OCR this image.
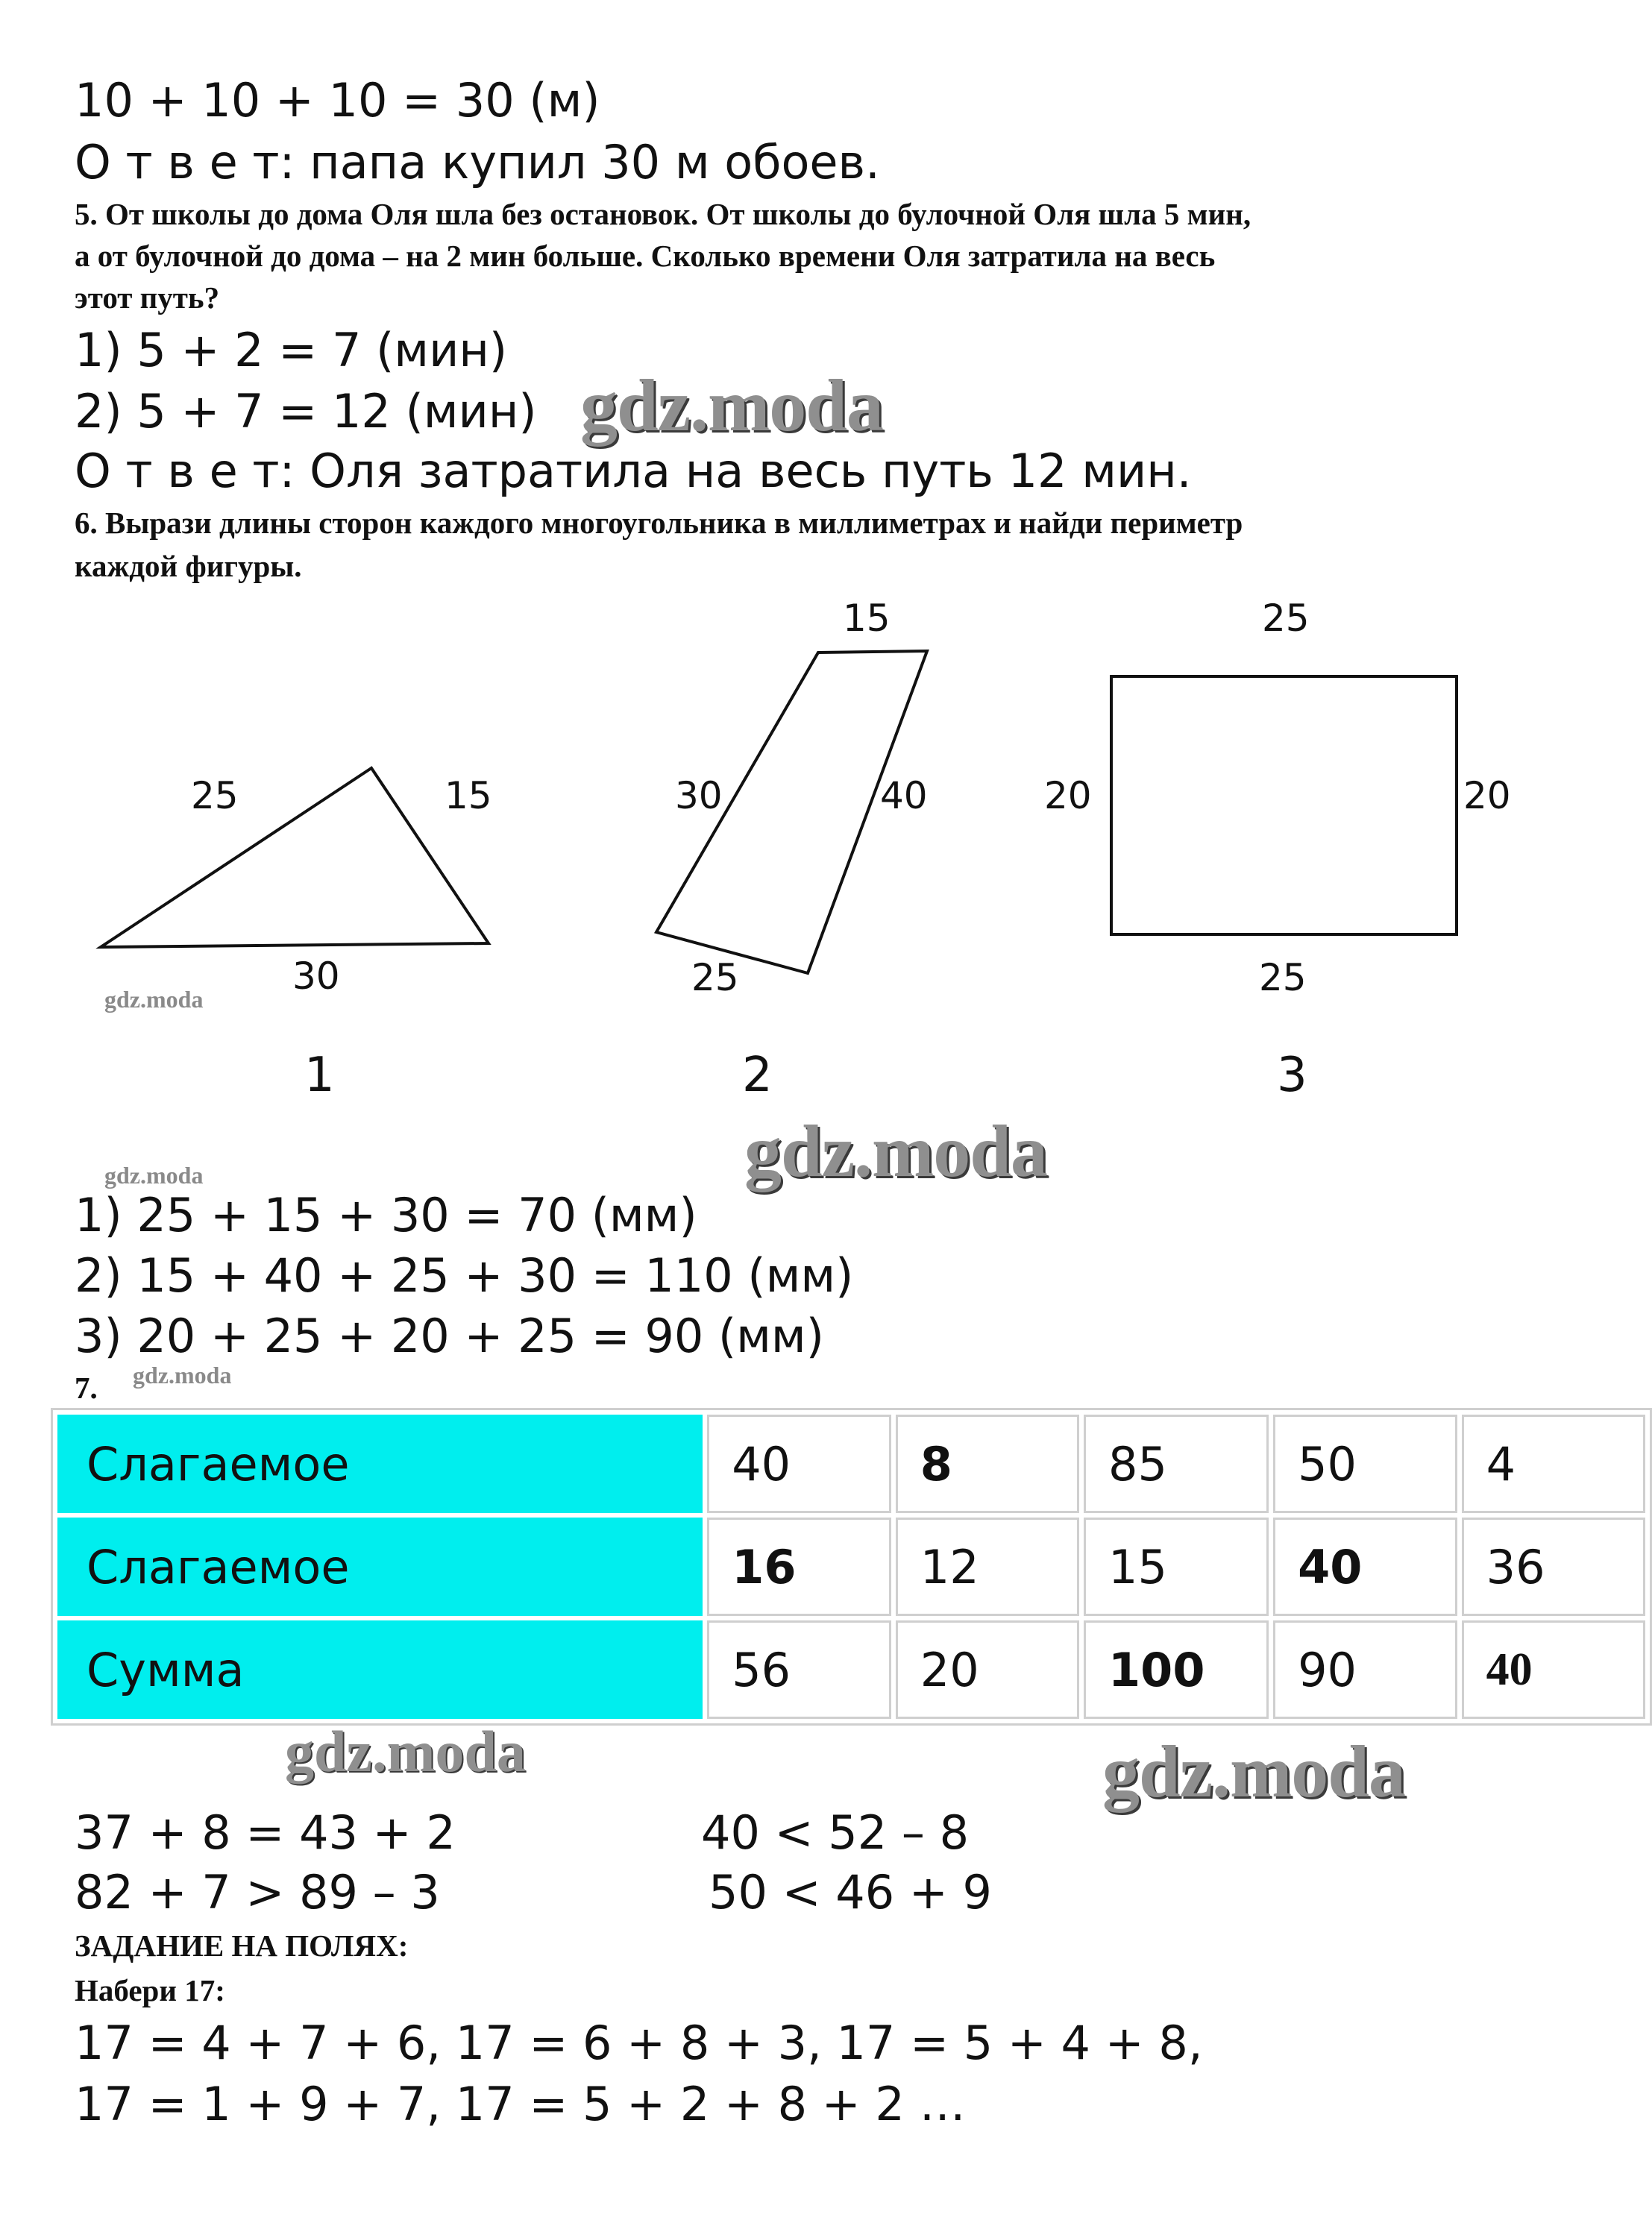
10 + 10 + 10 = 30 (м)
О т в е т: папа купил 30 м обоев.
5. От школы до дома Оля шла без остановок. От школы до булочной Оля шла 5 мин,
а от булочной до дома – на 2 мин больше. Сколько времени Оля затратила на весь
этот путь?
1) 5 + 2 = 7 (мин)
2) 5 + 7 = 12 (мин) gdz.moda
О т в е т: Оля затратила на весь путь 12 мин.
6. Вырази длины сторон каждого многоугольника в миллиметрах и найди периметр
каждой фигуры.
25	15
30
1
15
30	40
25
2
25
20	20
25
3
gdz.moda
gdz.moda
gdz.moda
1) 25 + 15 + 30 = 70 (мм)
2) 15 + 40 + 25 + 30 = 110 (мм)
3) 20 + 25 + 20 + 25 = 90 (мм)
7. gdz.moda
Слагаемое	40	8	85	50	4
Слагаемое	16	12	15	40	36
Сумма	56	20	100	90	40
gdz.moda	gdz.moda
37 + 8 = 43 + 2	40 < 52 – 8
82 + 7 > 89 – 3	50 < 46 + 9
ЗАДАНИЕ НА ПОЛЯХ:
Набери 17:
17 = 4 + 7 + 6, 17 = 6 + 8 + 3, 17 = 5 + 4 + 8,
17 = 1 + 9 + 7, 17 = 5 + 2 + 8 + 2 …
